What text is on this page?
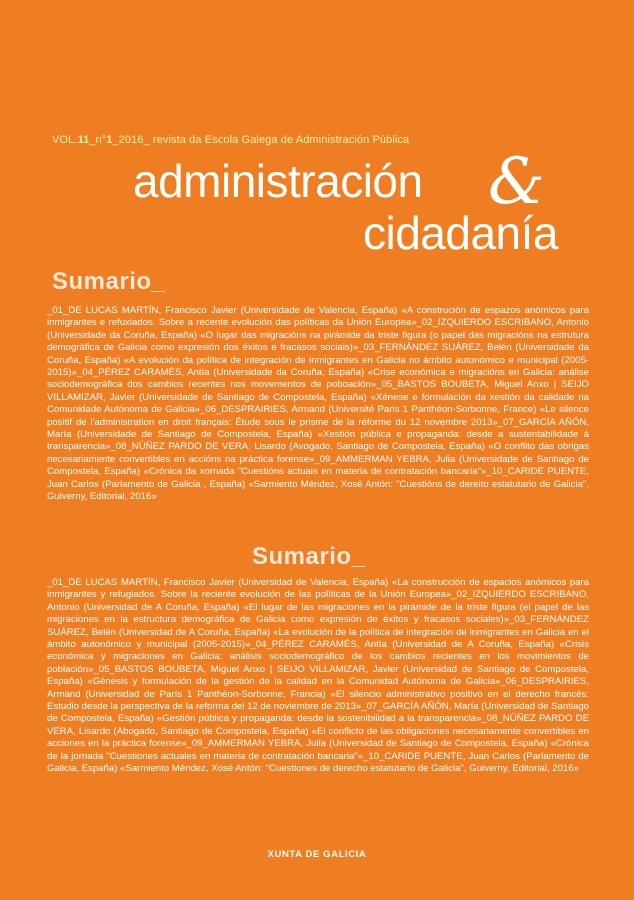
VOL.11_n°1_2016_ revista da Escola Galega de Administración Pública
administración &
cidadanía
Sumario_
_01_DE LUCAS MARTÍN, Francisco Javier (Universidade de Valencia, España) «A construción de espazos anómicos para inmigrantes e refuxiados. Sobre a recente evolución das políticas da Unión Europea»_02_IZQUIERDO ESCRIBANO, Antonio (Universidade da Coruña, España) «O lugar das migracións na pirámide da triste figura (o papel das migracións na estrutura demográfica de Galicia como expresión dos éxitos e fracasos sociais)»_03_FERNÁNDEZ SUÁREZ, Belén (Universidade da Coruña, España) «A evolución da política de integración de inmigrantes en Galicia no ámbito autonómico e municipal (2005-2015)»_04_PÉREZ CARAMÉS, Antía (Universidade da Coruña, España) «Crise económica e migracións en Galicia: análise sociodemográfica dos cambios recentes nos movementos de poboación»_05_BASTOS BOUBETA, Miguel Anxo | SEIJO VILLAMIZAR, Javier (Universidade de Santiago de Compostela, España) «Xénese e formulación da xestión da calidade na Comunidade Autónoma de Galicia»_06_DESPRAIRIES, Armand (Université Paris 1 Panthéon-Sorbonne, France) «Le silence positif de l'administration en droit français: Étude sous le prisme de la réforme du 12 novembre 2013»_07_GARCÍA AÑÓN, María (Universidade de Santiago de Compostela, España) «Xestión pública e propaganda: desde a sustentabilidade á transparencia»_08_NÚÑEZ PARDO DE VERA, Lisardo (Avogado, Santiago de Compostela, España) «O conflito das obrigas necesariamente convertibles en accións na práctica forense»_09_AMMERMAN YEBRA, Julia (Universidade de Santiago de Compostela, España) «Crónica da xornada "Cuestións actuais en materia de contratación bancaria"»_10_CARIDE PUENTE, Juan Carlos (Parlamento de Galicia , España) «Sarmiento Méndez, Xosé Antón: "Cuestións de dereito estatutario de Galicia", Guiverny, Editorial, 2016»
Sumario_
_01_DE LUCAS MARTÍN, Francisco Javier (Universidad de Valencia, España) «La construcción de espacios anómicos para inmigrantes y refugiados. Sobre la reciente evolución de las políticas de la Unión Europea»_02_IZQUIERDO ESCRIBANO, Antonio (Universidad de A Coruña, España) «El lugar de las migraciones en la pirámide de la triste figura (el papel de las migraciones en la estructura demográfica de Galicia como expresión de éxitos y fracasos sociales)»_03_FERNÁNDEZ SUÁREZ, Belén (Universidad de A Coruña, España) «La evolución de la política de integración de inmigrantes en Galicia en el ámbito autonómico y municipal (2005-2015)»_04_PÉREZ CARAMÉS, Antía (Universidad de A Coruña, España) «Crisis económica y migraciones en Galicia: análisis sociodemográfico de los cambios recientes en los movimientos de población»_05_BASTOS BOUBETA, Miguel Anxo | SEIJO VILLAMIZAR, Javier (Universidad de Santiago de Compostela, España) «Génesis y formulación de la gestión de la calidad en la Comunidad Autónoma de Galicia»_06_DESPRAIRIES, Armand (Universidad de París 1 Panthéon-Sorbonne, Francia) «El silencio administrativo positivo en el derecho francés: Estudio desde la perspectiva de la reforma del 12 de noviembre de 2013»_07_GARCÍA AÑÓN, María (Universidad de Santiago de Compostela, España) «Gestión pública y propaganda: desde la sostenibilidad a la transparencia»_08_NÚÑEZ PARDO DE VERA, Lisardo (Abogado, Santiago de Compostela, España) «El conflicto de las obligaciones necesariamente convertibles en acciones en la práctica forense»_09_AMMERMAN YEBRA, Julia (Universidad de Santiago de Compostela, España) «Crónica de la jornada "Cuestiones actuales en materia de contratación bancaria"»_10_CARIDE PUENTE, Juan Carlos (Parlamento de Galicia, España) «Sarmiento Méndez, Xosé Antón: "Cuestiones de derecho estatutario de Galicia", Guiverny, Editorial, 2016»
XUNTA DE GALICIA
